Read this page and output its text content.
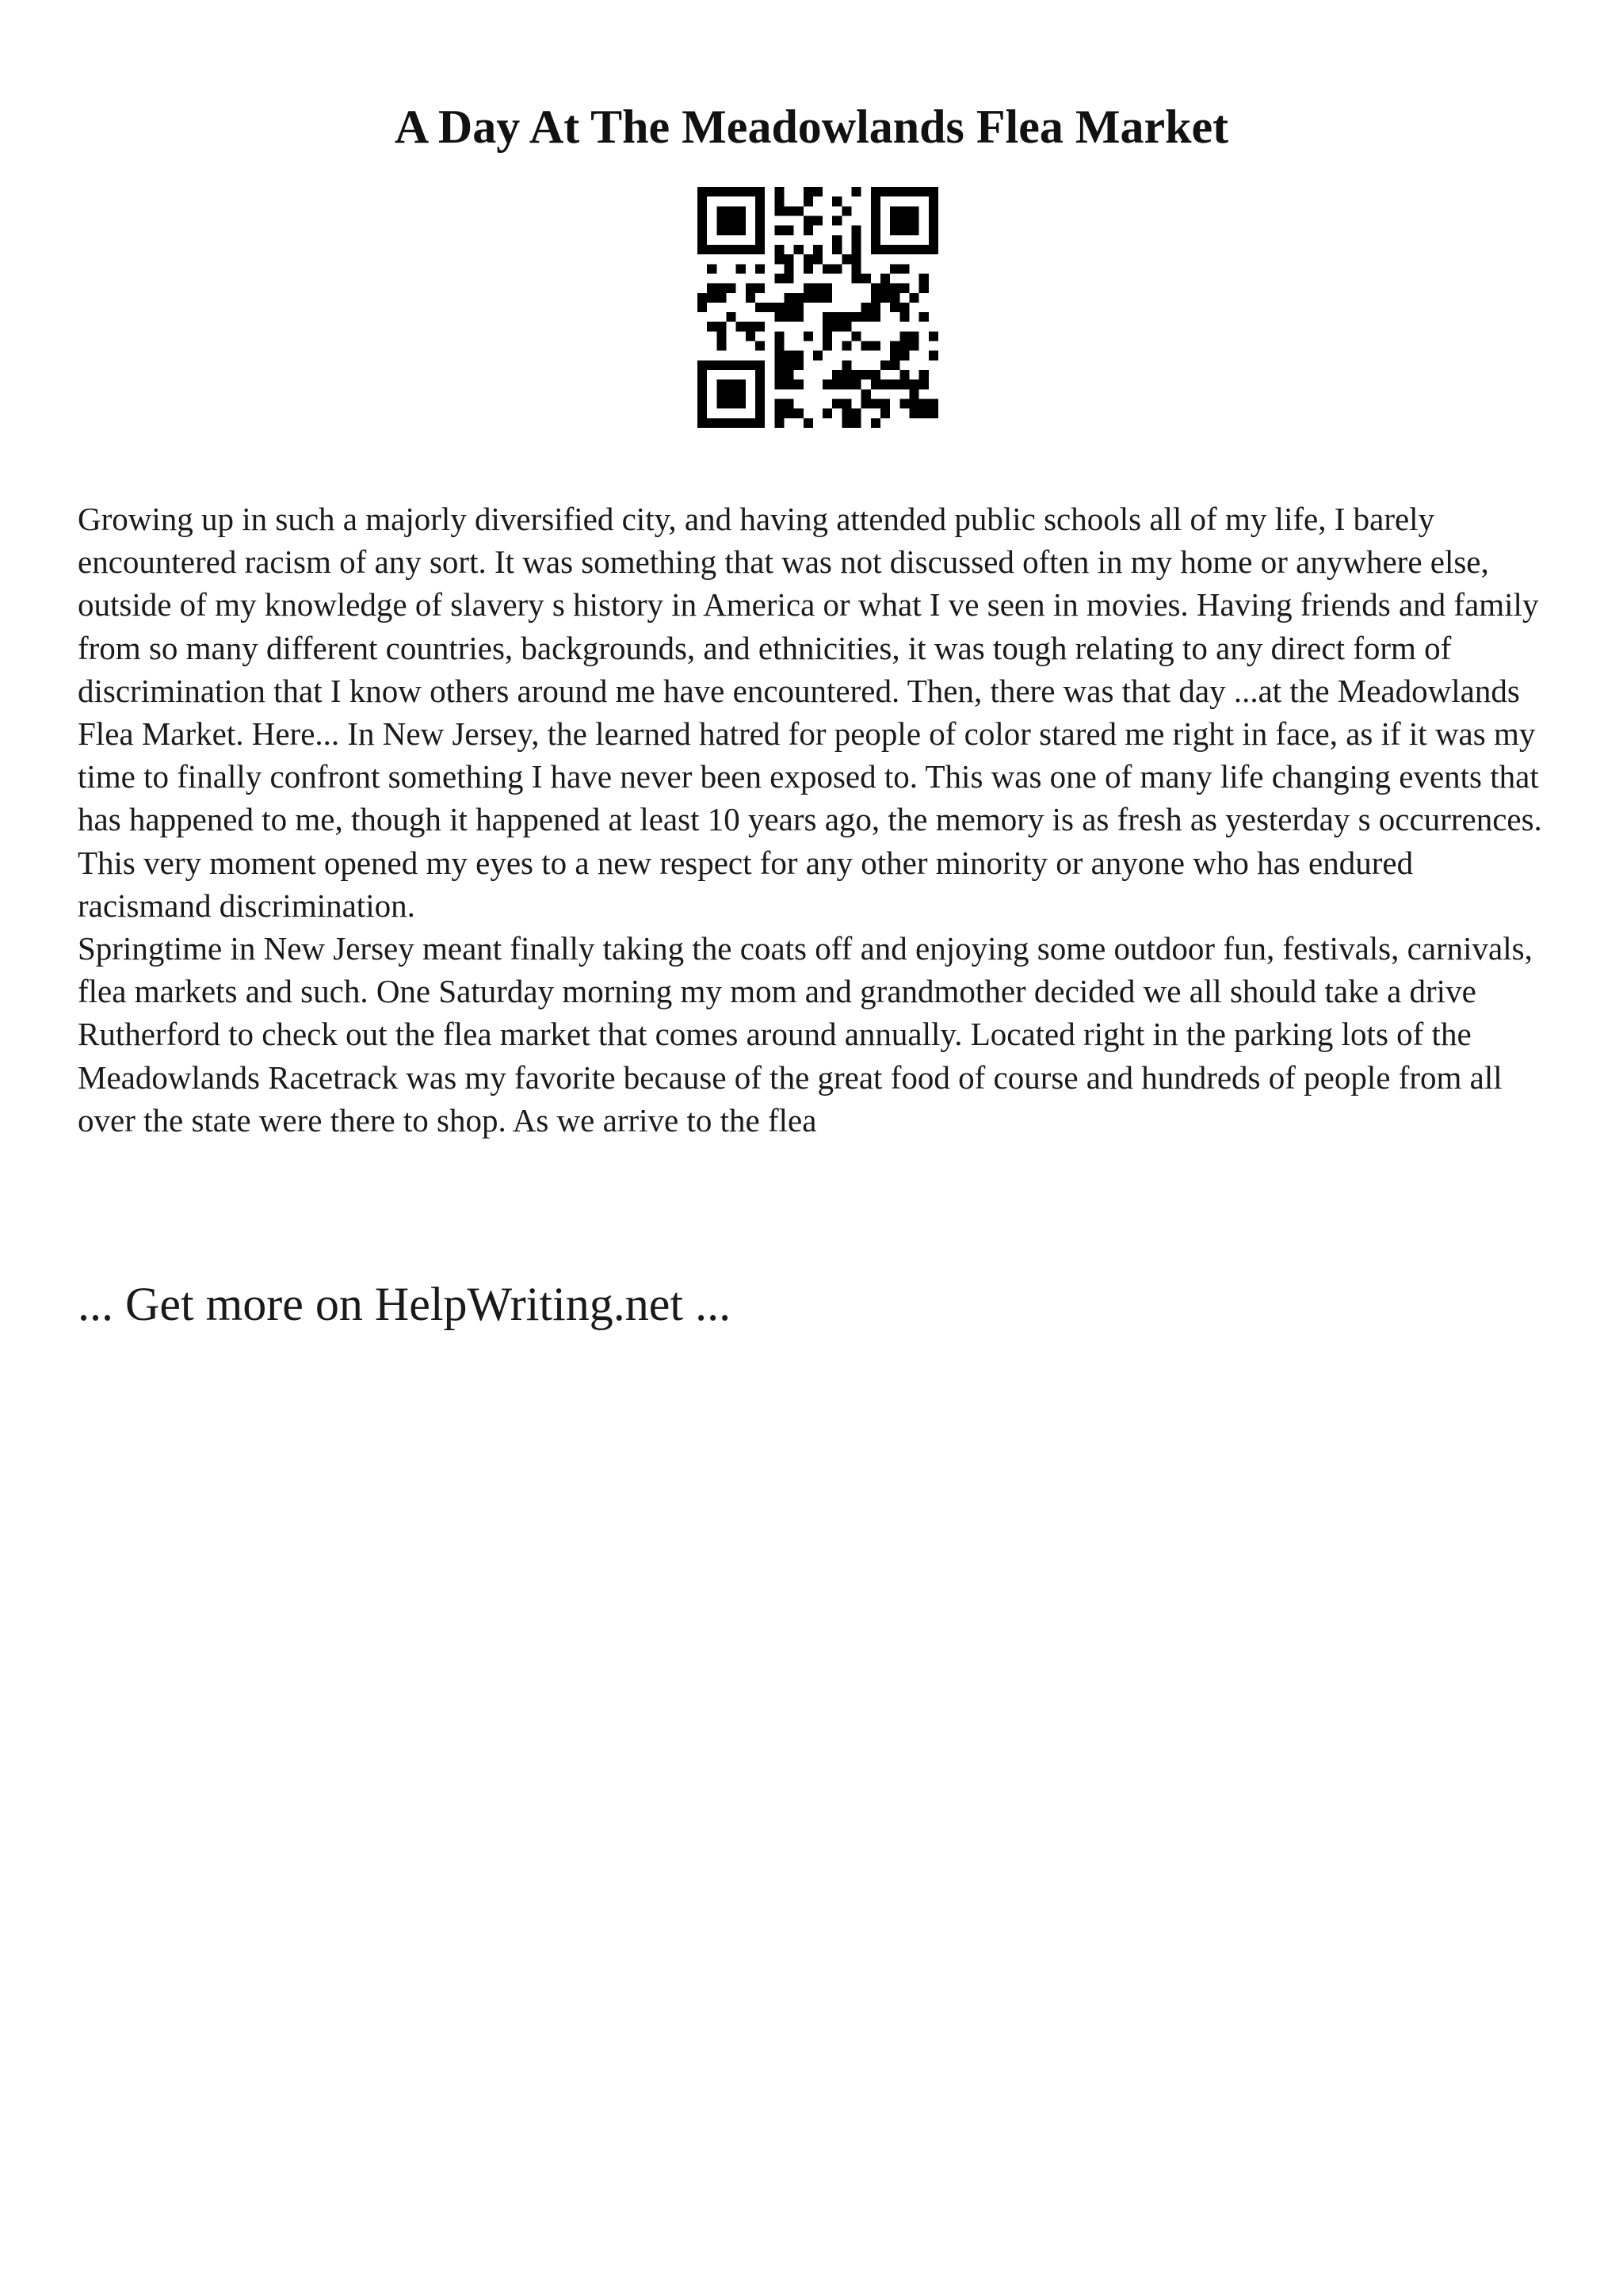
A Day At The Meadowlands Flea Market

Growing up in such a majorly diversified city, and having attended public schools all of my life, I barely encountered racism of any sort. It was something that was not discussed often in my home or anywhere else, outside of my knowledge of slavery s history in America or what I ve seen in movies. Having friends and family from so many different countries, backgrounds, and ethnicities, it was tough relating to any direct form of discrimination that I know others around me have encountered. Then, there was that day ...at the Meadowlands Flea Market. Here... In New Jersey, the learned hatred for people of color stared me right in face, as if it was my time to finally confront something I have never been exposed to. This was one of many life changing events that has happened to me, though it happened at least 10 years ago, the memory is as fresh as yesterday s occurrences. This very moment opened my eyes to a new respect for any other minority or anyone who has endured racismand discrimination.

Springtime in New Jersey meant finally taking the coats off and enjoying some outdoor fun, festivals, carnivals, flea markets and such. One Saturday morning my mom and grandmother decided we all should take a drive Rutherford to check out the flea market that comes around annually. Located right in the parking lots of the Meadowlands Racetrack was my favorite because of the great food of course and hundreds of people from all over the state were there to shop. As we arrive to the flea

... Get more on HelpWriting.net ...
